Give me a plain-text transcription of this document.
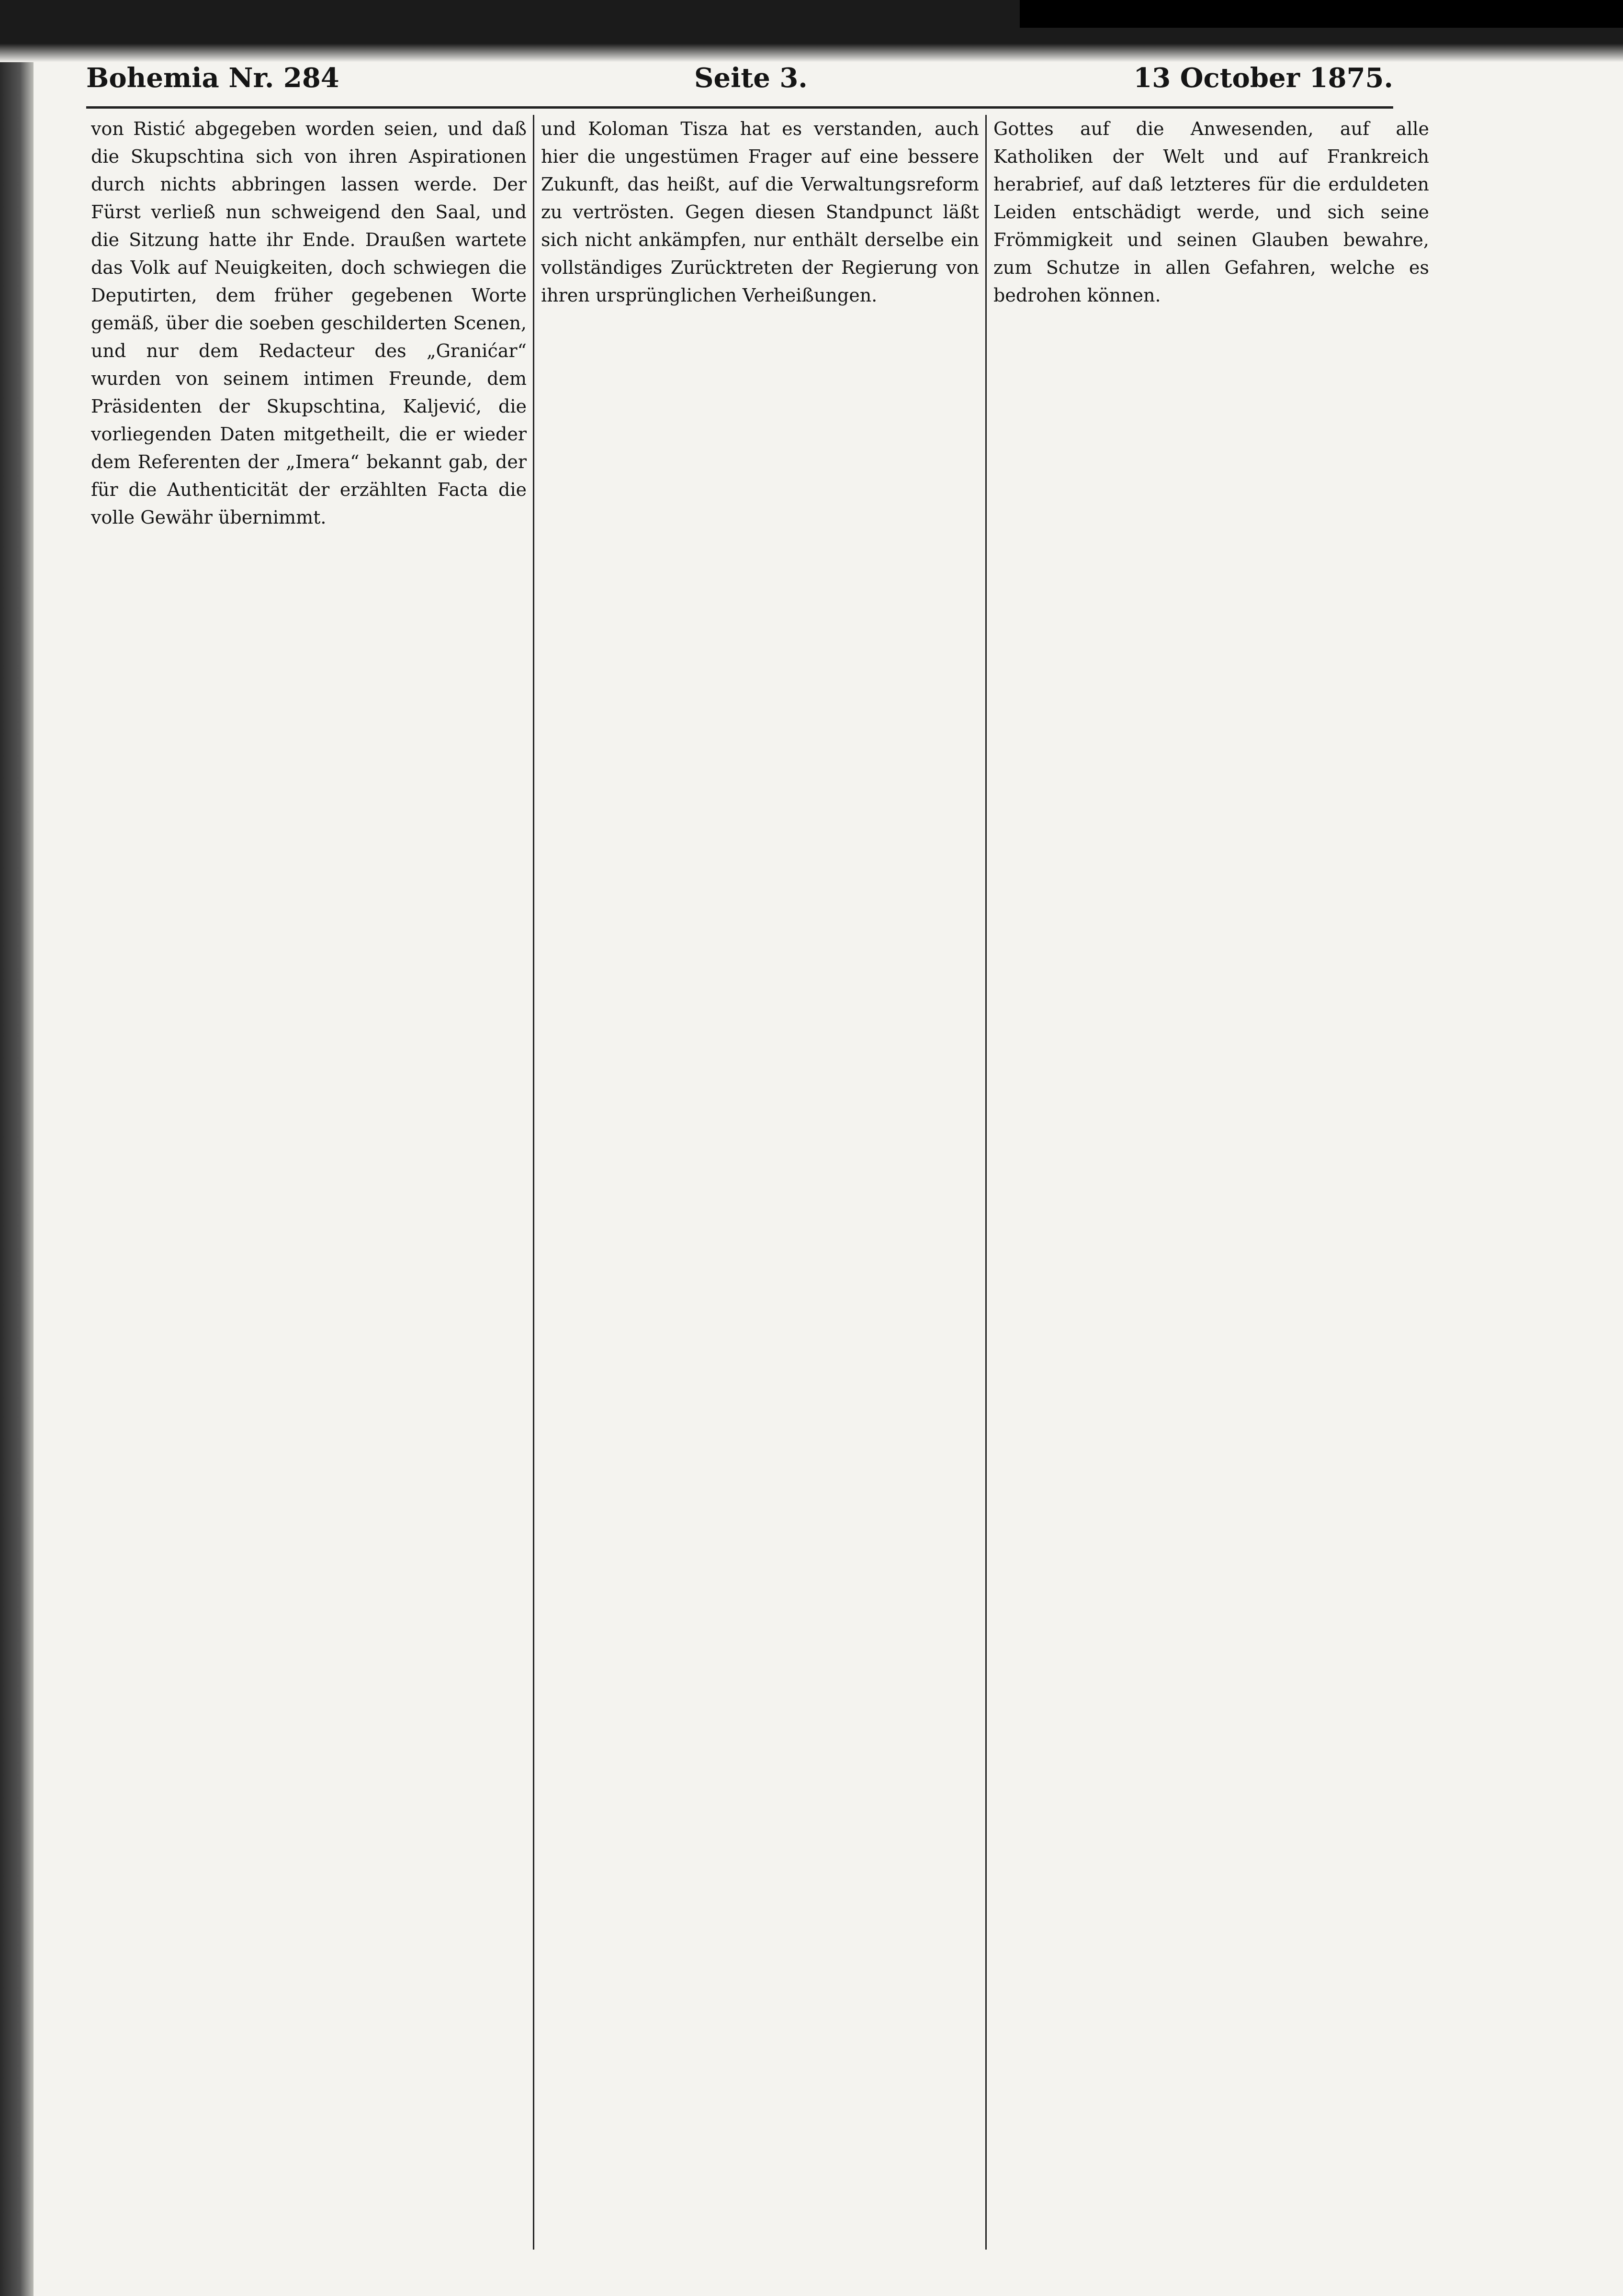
Bohemia Nr. 284	Seite 3.	13 October 1875.

von Ristić abgegeben worden seien, und daß die Skupschtina sich von ihren Aspirationen durch nichts abbringen lassen werde. Der Fürst verließ nun schweigend den Saal, und die Sitzung hatte ihr Ende. Draußen wartete das Volk auf Neuigkeiten, doch schwiegen die Deputirten, dem früher gegebenen Worte gemäß, über die soeben geschilderten Scenen, und nur dem Redacteur des „Granićar“ wurden von seinem intimen Freunde, dem Präsidenten der Skupschtina, Kaljević, die vorliegenden Daten mitgetheilt, die er wieder dem Referenten der „Imera“ bekannt gab, der für die Authenticität der erzählten Facta die volle Gewähr übernimmt.

und Koloman Tisza hat es verstanden, auch hier die ungestümen Frager auf eine bessere Zukunft, das heißt, auf die Verwaltungsreform zu vertrösten. Gegen diesen Standpunct läßt sich nicht ankämpfen, nur enthält derselbe ein vollständiges Zurücktreten der Regierung von ihren ursprünglichen Verheißungen.

Gottes auf die Anwesenden, auf alle Katholiken der Welt und auf Frankreich herabrief, auf daß letzteres für die erduldeten Leiden entschädigt werde, und sich seine Frömmigkeit und seinen Glauben bewahre, zum Schutze in allen Gefahren, welche es bedrohen können.
